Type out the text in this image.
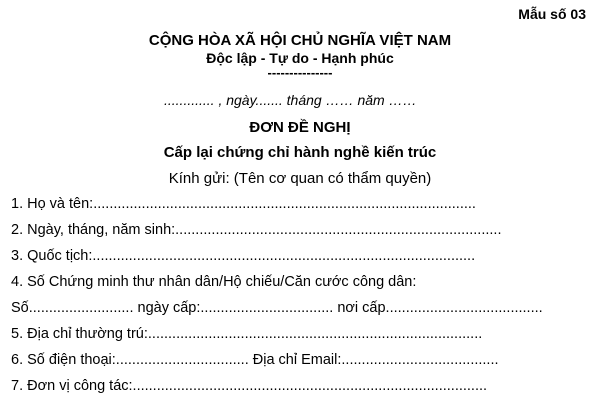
Mẫu số 03
CỘNG HÒA XÃ HỘI CHỦ NGHĨA VIỆT NAM
Độc lập - Tự do - Hạnh phúc
---------------
............. , ngày....... tháng …… năm ……
ĐƠN ĐỀ NGHỊ
Cấp lại chứng chỉ hành nghề kiến trúc
Kính gửi: (Tên cơ quan có thẩm quyền)
1. Họ và tên:...............................................................................................
2. Ngày, tháng, năm sinh:.................................................................................
3. Quốc tịch:...............................................................................................
4. Số Chứng minh thư nhân dân/Hộ chiếu/Căn cước công dân:
Số.......................... ngày cấp:................................. nơi cấp.......................................
5. Địa chỉ thường trú:...................................................................................
6. Số điện thoại:................................. Địa chỉ Email:.......................................
7. Đơn vị công tác:........................................................................................
